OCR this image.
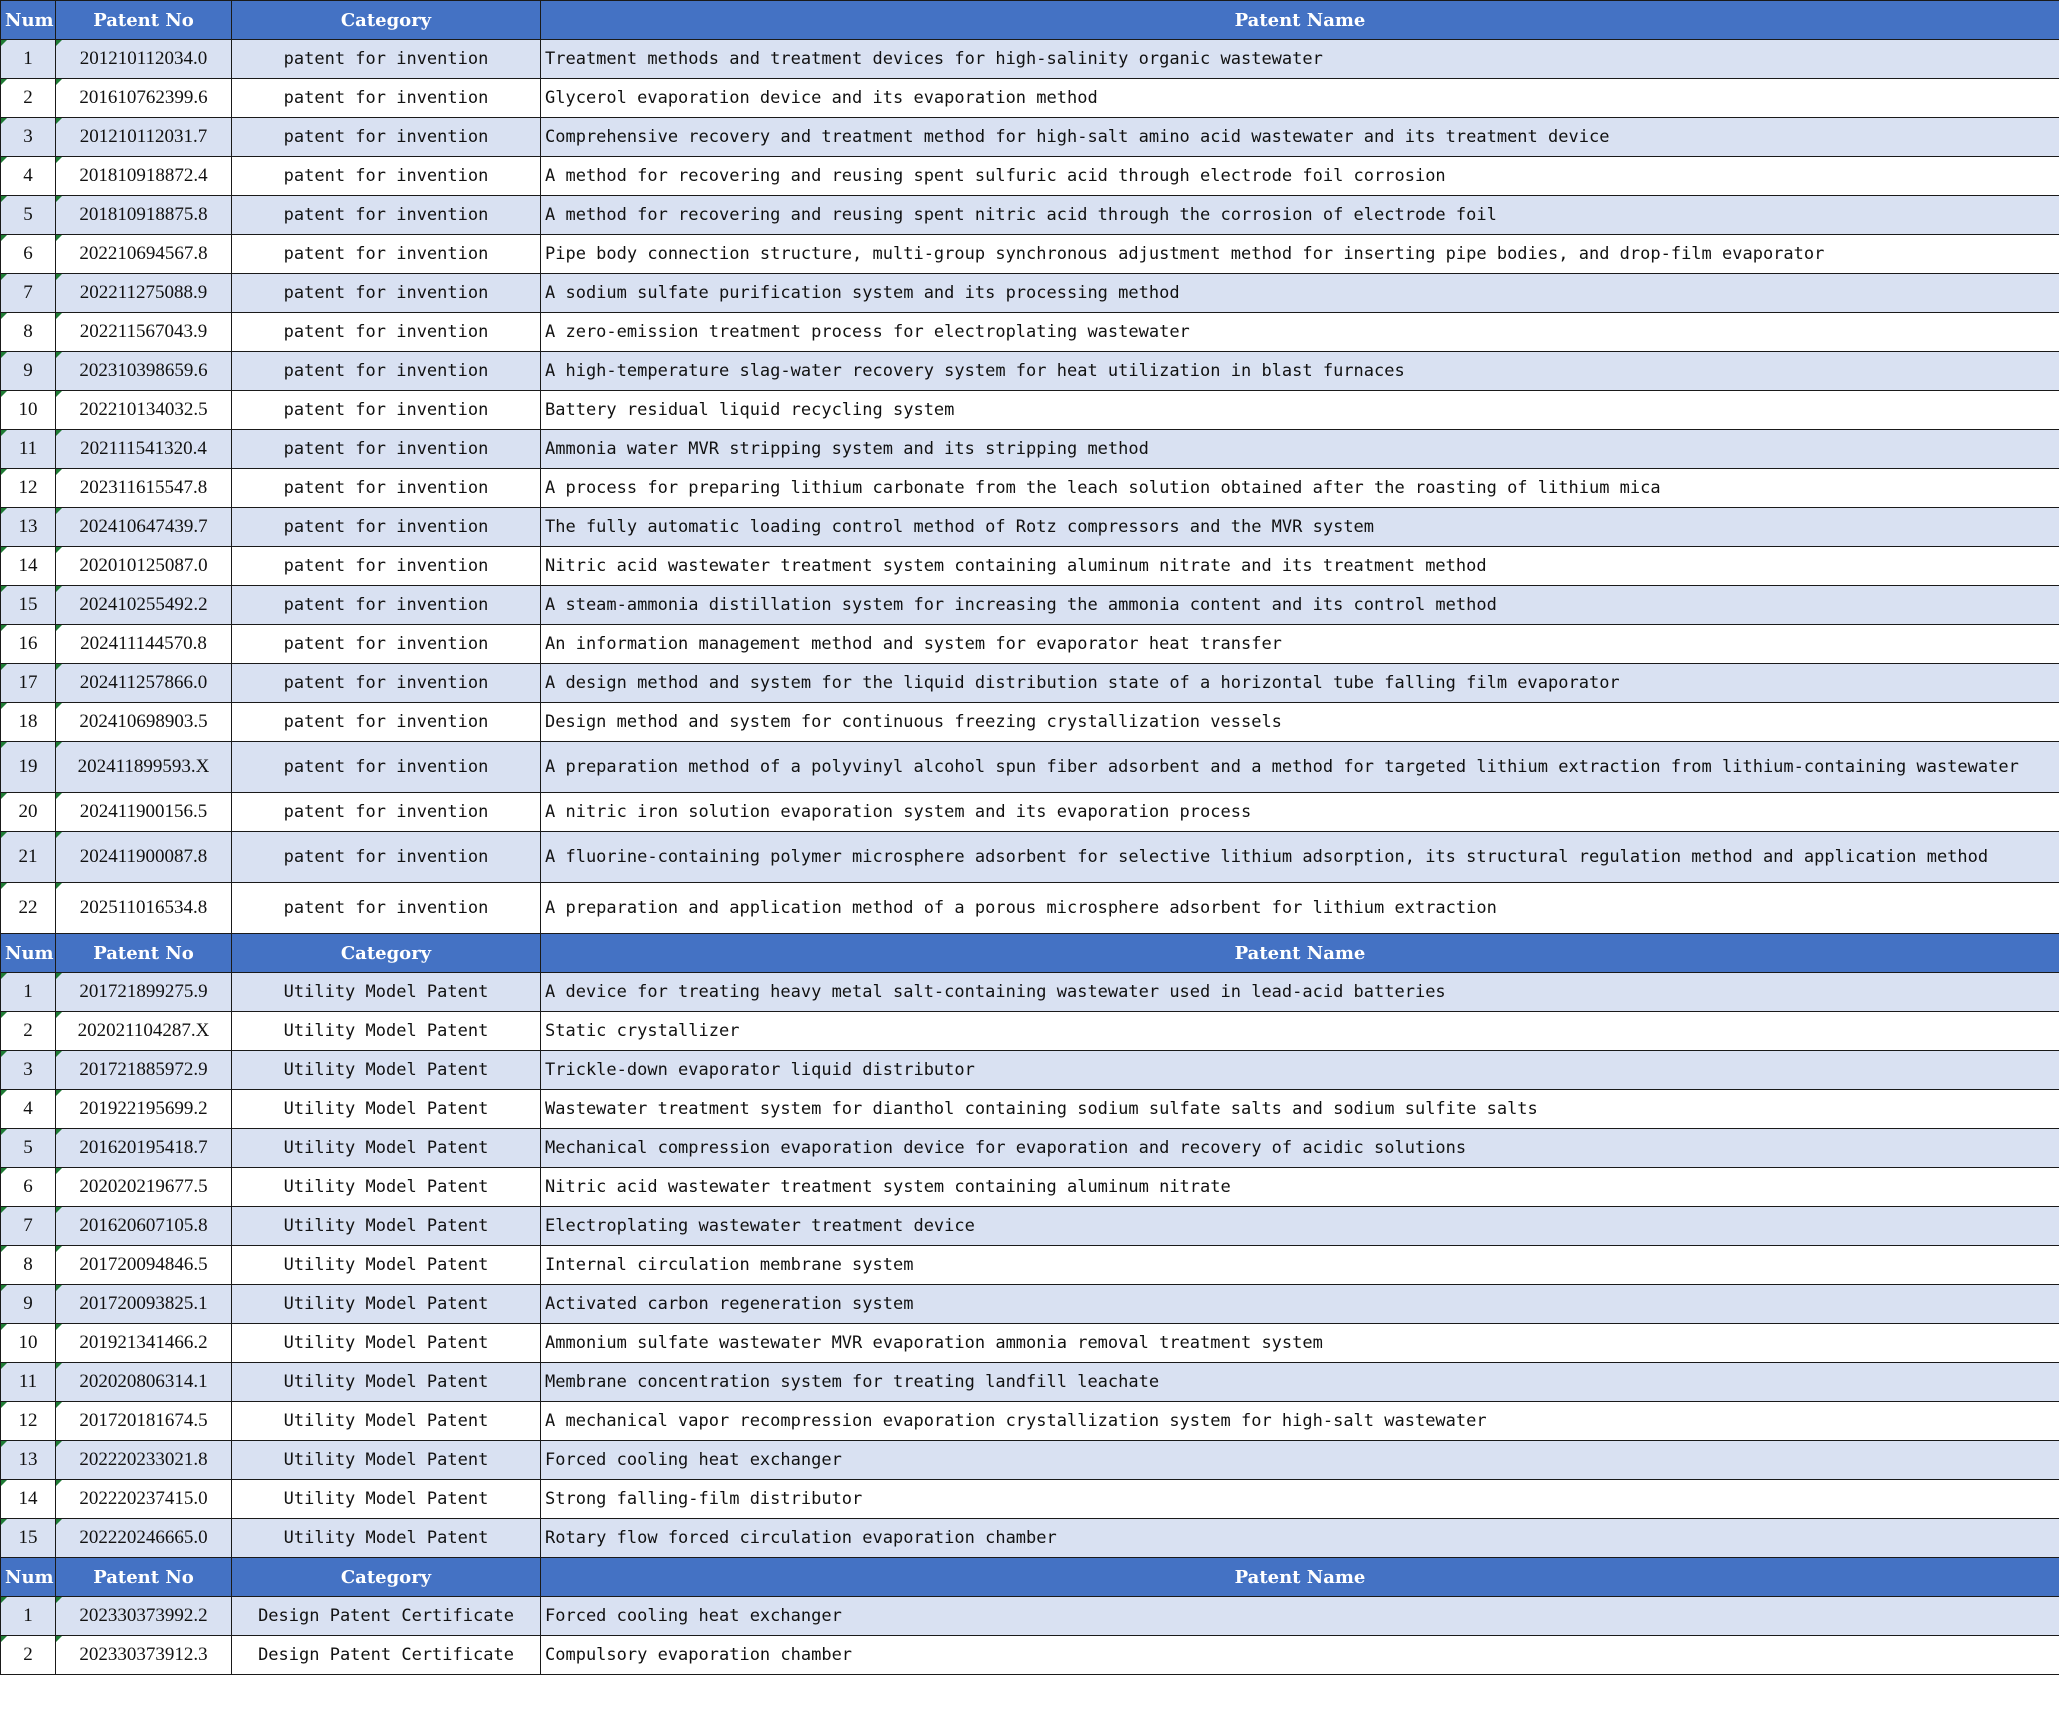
Num	Patent No	Category	Patent Name
1	201210112034.0	patent for invention	Treatment methods and treatment devices for high-salinity organic wastewater
2	201610762399.6	patent for invention	Glycerol evaporation device and its evaporation method
3	201210112031.7	patent for invention	Comprehensive recovery and treatment method for high-salt amino acid wastewater and its treatment device
4	201810918872.4	patent for invention	A method for recovering and reusing spent sulfuric acid through electrode foil corrosion
5	201810918875.8	patent for invention	A method for recovering and reusing spent nitric acid through the corrosion of electrode foil
6	202210694567.8	patent for invention	Pipe body connection structure, multi-group synchronous adjustment method for inserting pipe bodies, and drop-film evaporator
7	202211275088.9	patent for invention	A sodium sulfate purification system and its processing method
8	202211567043.9	patent for invention	A zero-emission treatment process for electroplating wastewater
9	202310398659.6	patent for invention	A high-temperature slag-water recovery system for heat utilization in blast furnaces
10	202210134032.5	patent for invention	Battery residual liquid recycling system
11	202111541320.4	patent for invention	Ammonia water MVR stripping system and its stripping method
12	202311615547.8	patent for invention	A process for preparing lithium carbonate from the leach solution obtained after the roasting of lithium mica
13	202410647439.7	patent for invention	The fully automatic loading control method of Rotz compressors and the MVR system
14	202010125087.0	patent for invention	Nitric acid wastewater treatment system containing aluminum nitrate and its treatment method
15	202410255492.2	patent for invention	A steam-ammonia distillation system for increasing the ammonia content and its control method
16	202411144570.8	patent for invention	An information management method and system for evaporator heat transfer
17	202411257866.0	patent for invention	A design method and system for the liquid distribution state of a horizontal tube falling film evaporator
18	202410698903.5	patent for invention	Design method and system for continuous freezing crystallization vessels
19	202411899593.X	patent for invention	A preparation method of a polyvinyl alcohol spun fiber adsorbent and a method for targeted lithium extraction from lithium-containing wastewater
20	202411900156.5	patent for invention	A nitric iron solution evaporation system and its evaporation process
21	202411900087.8	patent for invention	A fluorine-containing polymer microsphere adsorbent for selective lithium adsorption, its structural regulation method and application method
22	202511016534.8	patent for invention	A preparation and application method of a porous microsphere adsorbent for lithium extraction
Num	Patent No	Category	Patent Name
1	201721899275.9	Utility Model Patent	A device for treating heavy metal salt-containing wastewater used in lead-acid batteries
2	202021104287.X	Utility Model Patent	Static crystallizer
3	201721885972.9	Utility Model Patent	Trickle-down evaporator liquid distributor
4	201922195699.2	Utility Model Patent	Wastewater treatment system for dianthol containing sodium sulfate salts and sodium sulfite salts
5	201620195418.7	Utility Model Patent	Mechanical compression evaporation device for evaporation and recovery of acidic solutions
6	202020219677.5	Utility Model Patent	Nitric acid wastewater treatment system containing aluminum nitrate
7	201620607105.8	Utility Model Patent	Electroplating wastewater treatment device
8	201720094846.5	Utility Model Patent	Internal circulation membrane system
9	201720093825.1	Utility Model Patent	Activated carbon regeneration system
10	201921341466.2	Utility Model Patent	Ammonium sulfate wastewater MVR evaporation ammonia removal treatment system
11	202020806314.1	Utility Model Patent	Membrane concentration system for treating landfill leachate
12	201720181674.5	Utility Model Patent	A mechanical vapor recompression evaporation crystallization system for high-salt wastewater
13	202220233021.8	Utility Model Patent	Forced cooling heat exchanger
14	202220237415.0	Utility Model Patent	Strong falling-film distributor
15	202220246665.0	Utility Model Patent	Rotary flow forced circulation evaporation chamber
Num	Patent No	Category	Patent Name
1	202330373992.2	Design Patent Certificate	Forced cooling heat exchanger
2	202330373912.3	Design Patent Certificate	Compulsory evaporation chamber
